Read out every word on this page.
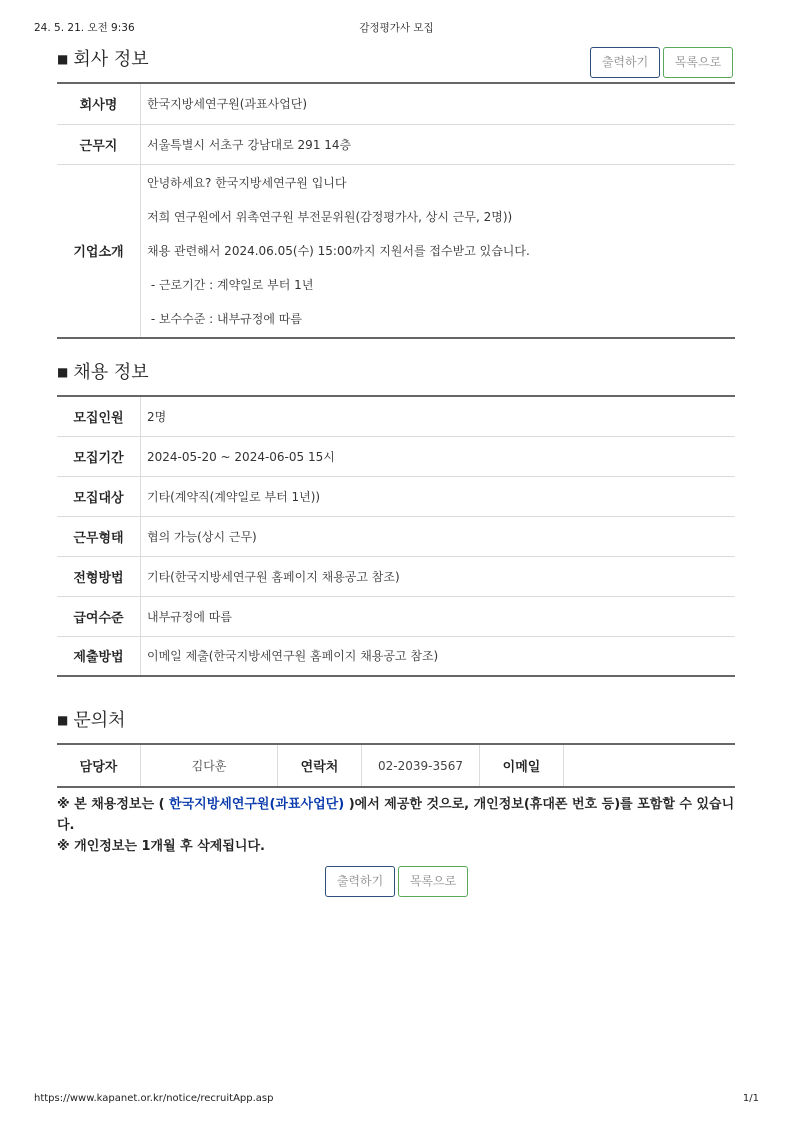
24. 5. 21. 오전 9:36	감정평가사 모집
■ 회사 정보	출력하기	목록으로
회사명	한국지방세연구원(과표사업단)
근무지	서울특별시 서초구 강남대로 291 14층
기업소개	안녕하세요? 한국지방세연구원 입니다

저희 연구원에서 위촉연구원 부전문위원(감정평가사, 상시 근무, 2명))

채용 관련해서 2024.06.05(수) 15:00까지 지원서를 접수받고 있습니다.

- 근로기간 : 계약일로 부터 1년

- 보수수준 : 내부규정에 따름

■ 채용 정보
모집인원	2명
모집기간	2024-05-20 ~ 2024-06-05 15시
모집대상	기타(계약직(계약일로 부터 1년))
근무형태	협의 가능(상시 근무)
전형방법	기타(한국지방세연구원 홈페이지 채용공고 참조)
급여수준	내부규정에 따름
제출방법	이메일 제출(한국지방세연구원 홈페이지 채용공고 참조)
■ 문의처
담당자	김다훈	연락처	02-2039-3567	이메일	
※ 본 채용정보는 ( 한국지방세연구원(과표사업단) )에서 제공한 것으로, 개인정보(휴대폰 번호 등)를 포함할 수 있습니다.
※ 개인정보는 1개월 후 삭제됩니다.
출력하기	목록으로
https://www.kapanet.or.kr/notice/recruitApp.asp	1/1
